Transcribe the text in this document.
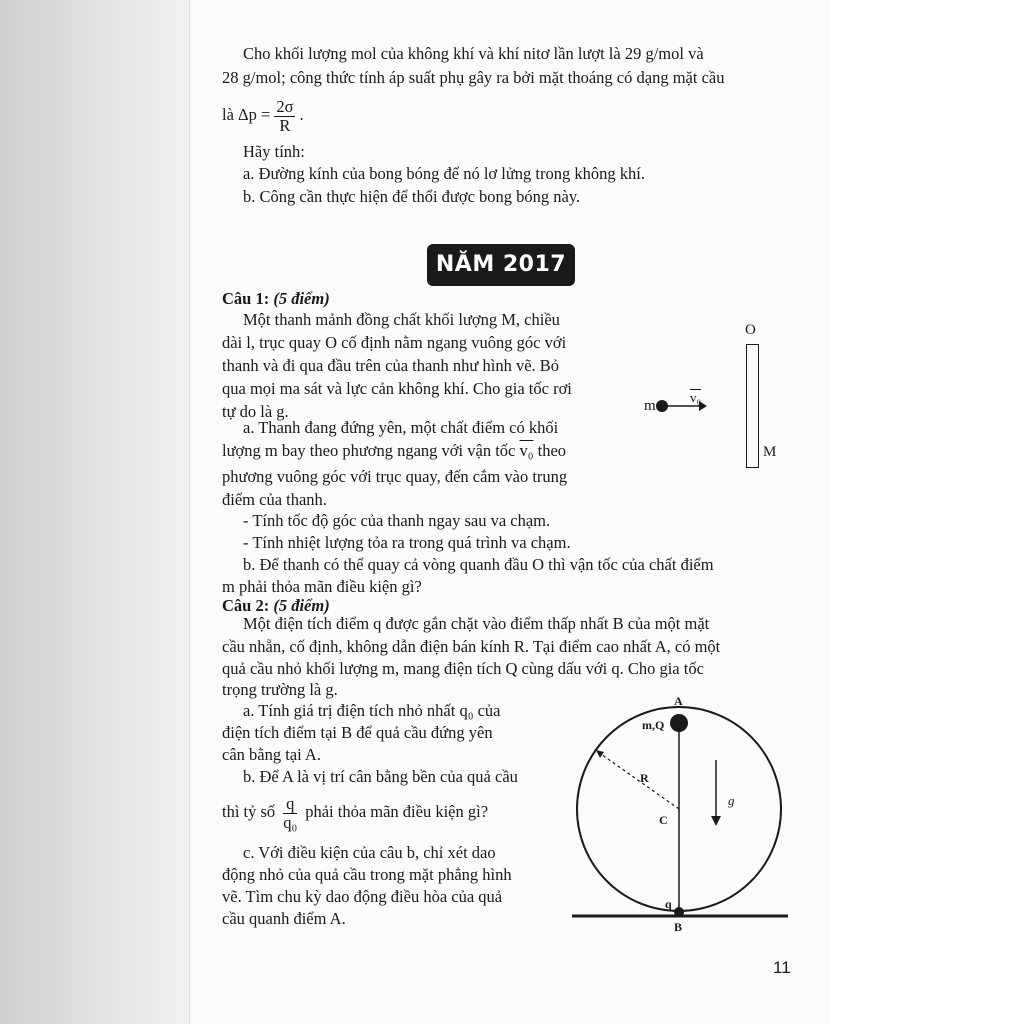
Cho khối lượng mol của không khí và khí nitơ lần lượt là 29 g/mol và
28 g/mol; công thức tính áp suất phụ gây ra bởi mặt thoáng có dạng mặt cầu
là $\Delta p = \frac{2\sigma}{R}$ .
Hãy tính:
a. Đường kính của bong bóng để nó lơ lửng trong không khí.
b. Công cần thực hiện để thổi được bong bóng này.
NĂM 2017
Câu 1: (5 điểm)
Một thanh mảnh đồng chất khối lượng M, chiều
dài l, trục quay O cố định nằm ngang vuông góc với
thanh và đi qua đầu trên của thanh như hình vẽ. Bỏ
qua mọi ma sát và lực cản không khí. Cho gia tốc rơi
tự do là g.
a. Thanh đang đứng yên, một chất điểm có khối
lượng m bay theo phương ngang với vận tốc v₀ theo
phương vuông góc với trục quay, đến cắm vào trung
điểm của thanh.
- Tính tốc độ góc của thanh ngay sau va chạm.
- Tính nhiệt lượng tỏa ra trong quá trình va chạm.
b. Để thanh có thể quay cả vòng quanh đầu O thì vận tốc của chất điểm
m phải thỏa mãn điều kiện gì?
O
M
m
v₀
Câu 2: (5 điểm)
Một điện tích điểm q được gắn chặt vào điểm thấp nhất B của một mặt
cầu nhẵn, cố định, không dẫn điện bán kính R. Tại điểm cao nhất A, có một
quả cầu nhỏ khối lượng m, mang điện tích Q cùng dấu với q. Cho gia tốc
trọng trường là g.
a. Tính giá trị điện tích nhỏ nhất q₀ của
điện tích điểm tại B để quả cầu đứng yên
cân bằng tại A.
b. Để A là vị trí cân bằng bền của quả cầu
thì tỷ số $\frac{q}{\text{q₀}}$ phải thỏa mãn điều kiện gì?
c. Với điều kiện của câu b, chỉ xét dao
động nhỏ của quả cầu trong mặt phẳng hình
vẽ. Tìm chu kỳ dao động điều hòa của quả
cầu quanh điểm A.
A
m,Q
R
C
g⃗
q
B
11
